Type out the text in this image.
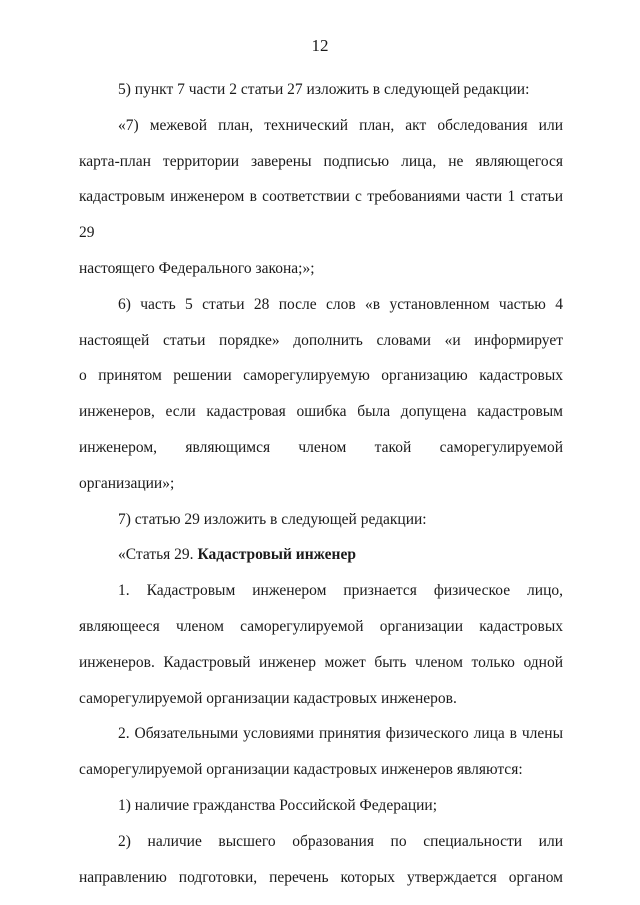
12

5) пункт 7 части 2 статьи 27 изложить в следующей редакции:

«7) межевой план, технический план, акт обследования или

карта-план территории заверены подписью лица, не являющегося

кадастровым инженером в соответствии с требованиями части 1 статьи 29

настоящего Федерального закона;»;

6) часть 5 статьи 28 после слов «в установленном частью 4

настоящей статьи порядке» дополнить словами «и информирует

о принятом решении саморегулируемую организацию кадастровых

инженеров, если кадастровая ошибка была допущена кадастровым

инженером, являющимся членом такой саморегулируемой организации»;

7) статью 29 изложить в следующей редакции:

«Статья 29. Кадастровый инженер

1. Кадастровым инженером признается физическое лицо,

являющееся членом саморегулируемой организации кадастровых

инженеров. Кадастровый инженер может быть членом только одной

саморегулируемой организации кадастровых инженеров.

2. Обязательными условиями принятия физического лица в члены

саморегулируемой организации кадастровых инженеров являются:

1) наличие гражданства Российской Федерации;

2) наличие высшего образования по специальности или

направлению подготовки, перечень которых утверждается органом
